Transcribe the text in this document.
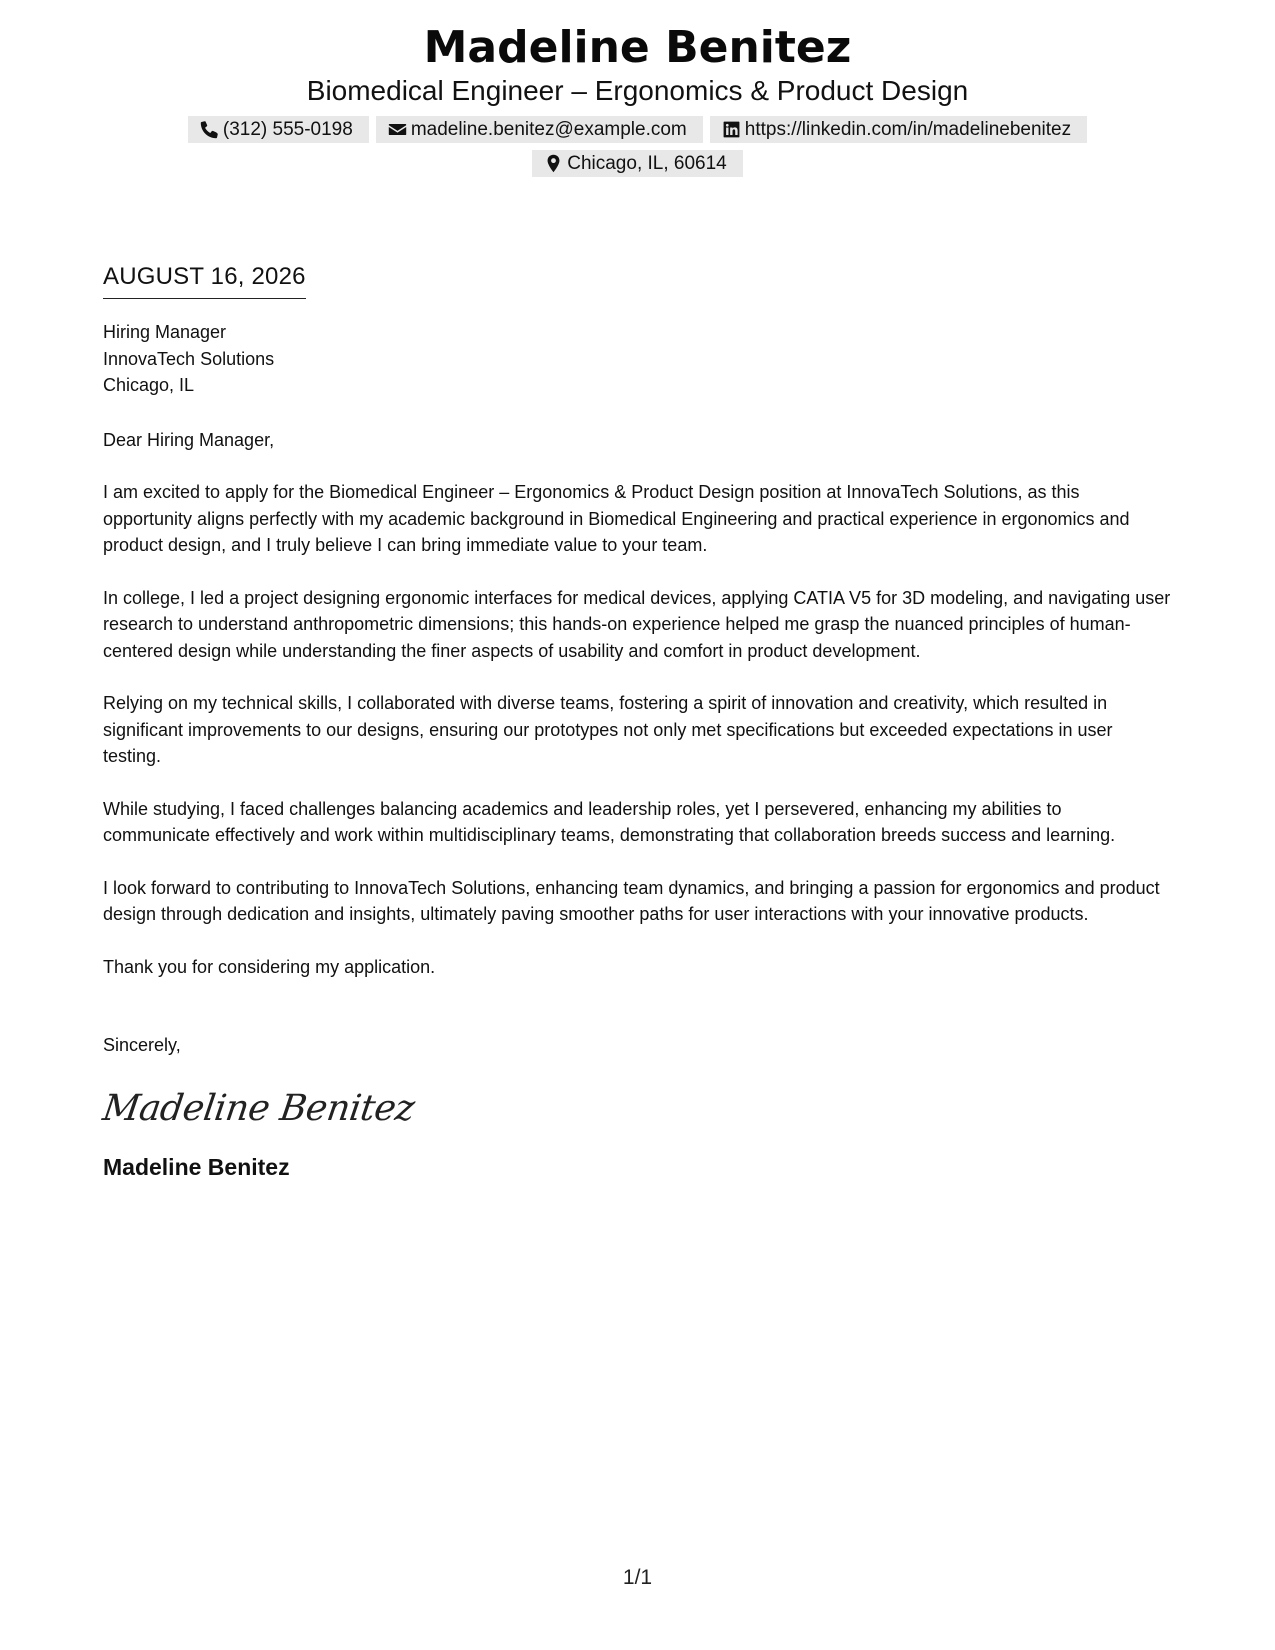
Madeline Benitez

Biomedical Engineer – Ergonomics & Product Design

(312) 555-0198	madeline.benitez@example.com	https://linkedin.com/in/madelinebenitez
Chicago, IL, 60614

AUGUST 16, 2026

Hiring Manager
InnovaTech Solutions
Chicago, IL
Dear Hiring Manager,

I am excited to apply for the Biomedical Engineer – Ergonomics & Product Design position at InnovaTech Solutions, as this opportunity aligns perfectly with my academic background in Biomedical Engineering and practical experience in ergonomics and product design, and I truly believe I can bring immediate value to your team.

In college, I led a project designing ergonomic interfaces for medical devices, applying CATIA V5 for 3D modeling, and navigating user research to understand anthropometric dimensions; this hands-on experience helped me grasp the nuanced principles of human-centered design while understanding the finer aspects of usability and comfort in product development.

Relying on my technical skills, I collaborated with diverse teams, fostering a spirit of innovation and creativity, which resulted in significant improvements to our designs, ensuring our prototypes not only met specifications but exceeded expectations in user testing.

While studying, I faced challenges balancing academics and leadership roles, yet I persevered, enhancing my abilities to communicate effectively and work within multidisciplinary teams, demonstrating that collaboration breeds success and learning.

I look forward to contributing to InnovaTech Solutions, enhancing team dynamics, and bringing a passion for ergonomics and product design through dedication and insights, ultimately paving smoother paths for user interactions with your innovative products.

Thank you for considering my application.
Sincerely,
Madeline Benitez
Madeline Benitez
1/1
